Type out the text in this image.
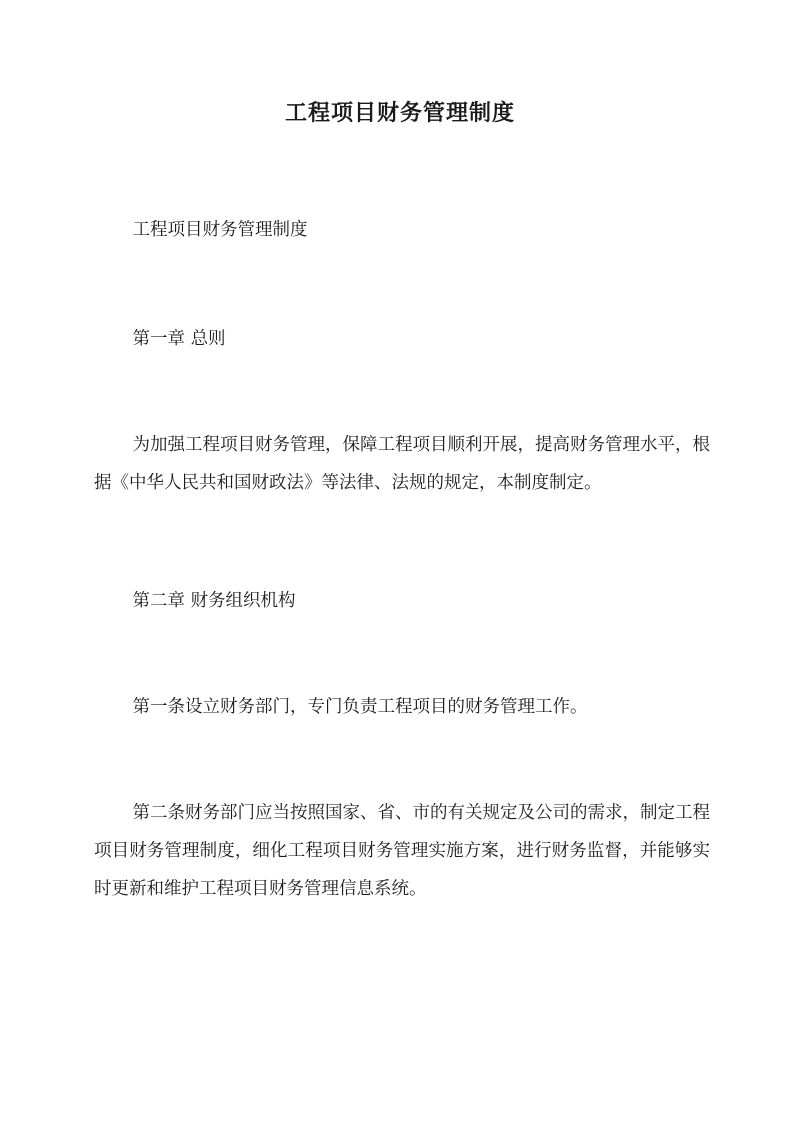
工程项目财务管理制度

工程项目财务管理制度

第一章 总则

为加强工程项目财务管理，保障工程项目顺利开展，提高财务管理水平，根据《中华人民共和国财政法》等法律、法规的规定，本制度制定。

第二章 财务组织机构

第一条设立财务部门，专门负责工程项目的财务管理工作。

第二条财务部门应当按照国家、省、市的有关规定及公司的需求，制定工程项目财务管理制度，细化工程项目财务管理实施方案，进行财务监督，并能够实时更新和维护工程项目财务管理信息系统。
